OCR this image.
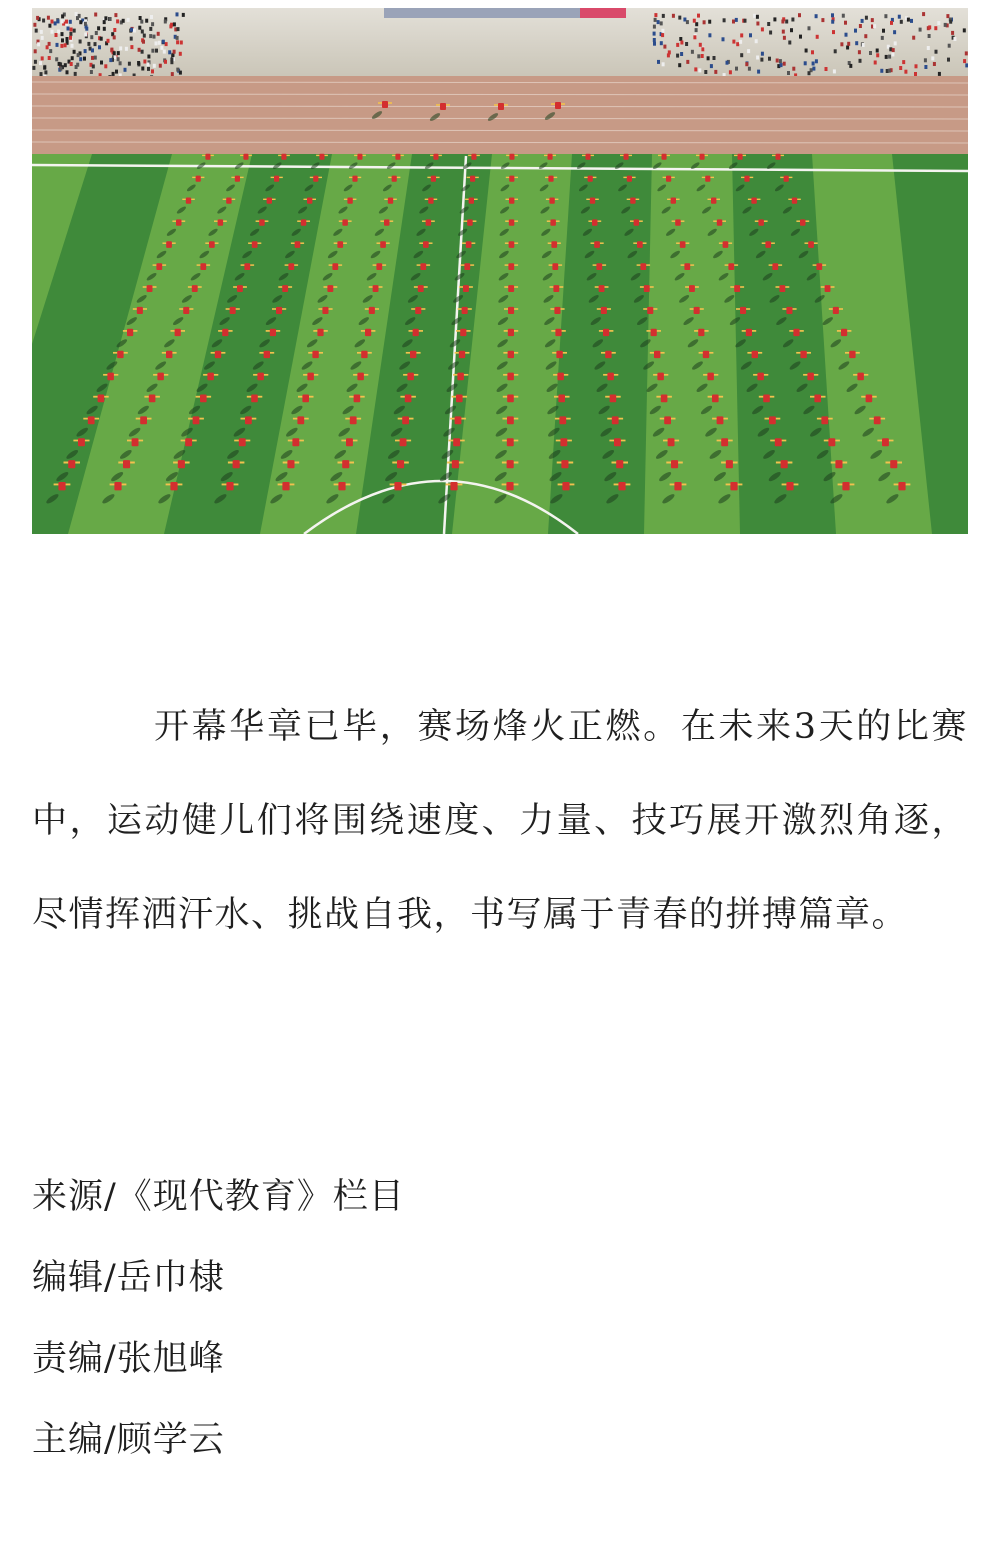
开幕华章已毕，赛场烽火正燃。在未来3天的比赛中，运动健儿们将围绕速度、力量、技巧展开激烈角逐，尽情挥洒汗水、挑战自我，书写属于青春的拼搏篇章。

来源/《现代教育》栏目
编辑/岳巾棣
责编/张旭峰
主编/顾学云
